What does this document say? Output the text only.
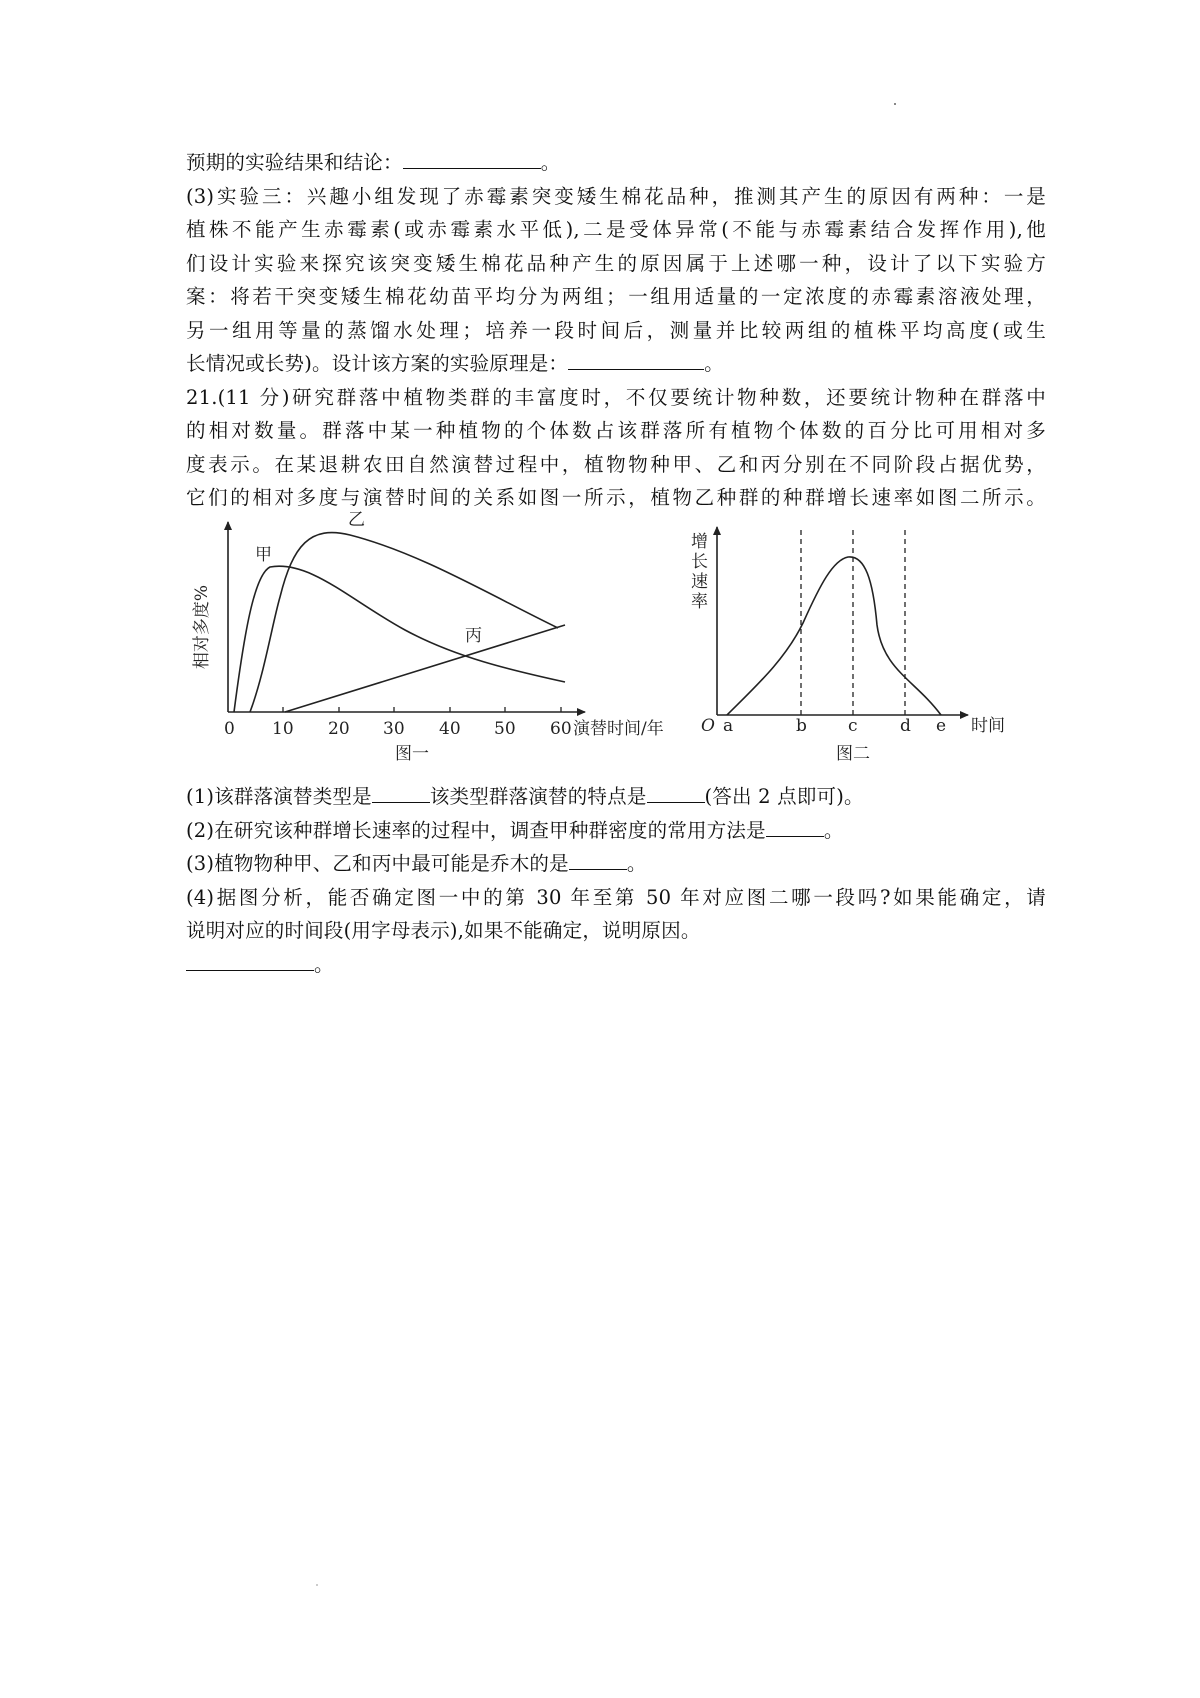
预期的实验结果和结论：	。
(3)实验三：兴趣小组发现了赤霉素突变矮生棉花品种，推测其产生的原因有两种：一是
植株不能产生赤霉素(或赤霉素水平低),二是受体异常(不能与赤霉素结合发挥作用),他
们设计实验来探究该突变矮生棉花品种产生的原因属于上述哪一种，设计了以下实验方
案：将若干突变矮生棉花幼苗平均分为两组；一组用适量的一定浓度的赤霉素溶液处理，
另一组用等量的蒸馏水处理；培养一段时间后，测量并比较两组的植株平均高度(或生
长情况或长势)。设计该方案的实验原理是：	。
21.(11 分)研究群落中植物类群的丰富度时，不仅要统计物种数，还要统计物种在群落中
的相对数量。群落中某一种植物的个体数占该群落所有植物个体数的百分比可用相对多
度表示。在某退耕农田自然演替过程中，植物物种甲、乙和丙分别在不同阶段占据优势，
它们的相对多度与演替时间的关系如图一所示，植物乙种群的种群增长速率如图二所示。
相对多度%
0 10 20 30 40 50 60 演替时间/年
甲
乙
丙
图一
增
长
速
率
O a	b c d e 时间
图二
(1)该群落演替类型是	该类型群落演替的特点是	(答出 2 点即可)。
(2)在研究该种群增长速率的过程中，调查甲种群密度的常用方法是	。
(3)植物物种甲、乙和丙中最可能是乔木的是	。
(4)据图分析，能否确定图一中的第 30 年至第 50 年对应图二哪一段吗?如果能确定，请
说明对应的时间段(用字母表示),如果不能确定，说明原因。
。
